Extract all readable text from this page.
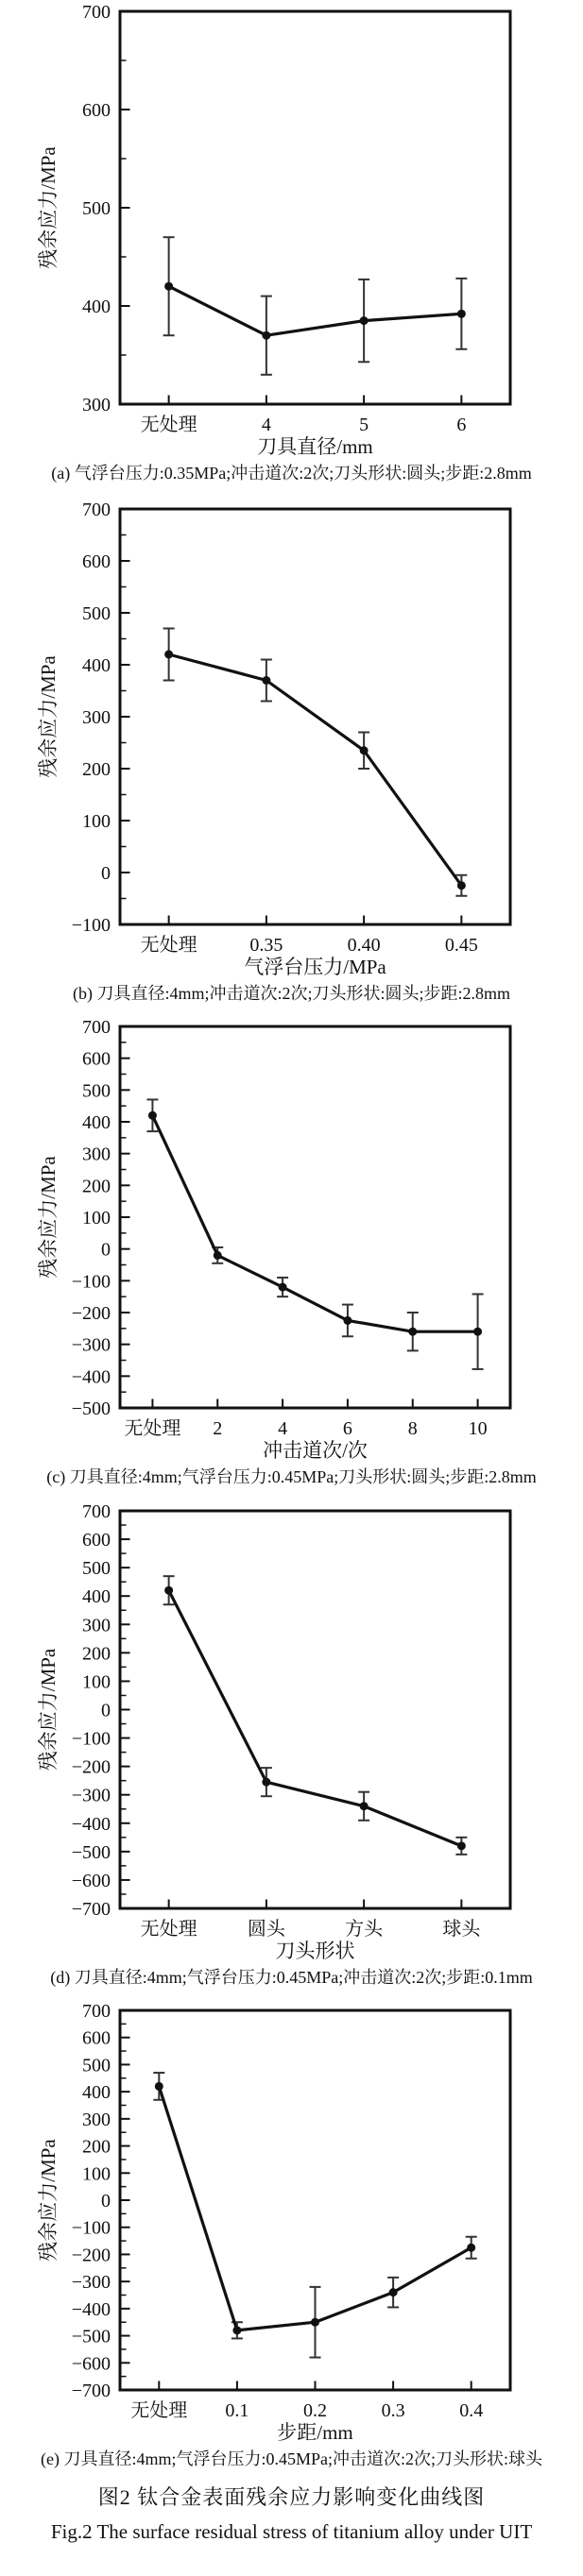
300
400
500
600
700
无处理	4	5	6
刀具直径/mm
残余应力/MPa
(a) 气浮台压力:0.35MPa;冲击道次:2次;刀头形状:圆头;步距:2.8mm
−100
0
100
200
300
400
500
600
700
无处理	0.35	0.40	0.45
气浮台压力/MPa
残余应力/MPa
(b) 刀具直径:4mm;冲击道次:2次;刀头形状:圆头;步距:2.8mm
−500
−400
−300
−200
−100
0
100
200
300
400
500
600
700
无处理 2	4	6	8	10
冲击道次/次
残余应力/MPa
(c) 刀具直径:4mm;气浮台压力:0.45MPa;刀头形状:圆头;步距:2.8mm
−700
−600
−500
−400
−300
−200
−100
0
100
200
300
400
500
600
700
无处理	圆头	方头	球头
刀头形状
残余应力/MPa
(d) 刀具直径:4mm;气浮台压力:0.45MPa;冲击道次:2次;步距:0.1mm
−700
−600
−500
−400
−300
−200
−100
0
100
200
300
400
500
600
700
无处理 0.1	0.2	0.3	0.4
步距/mm
残余应力/MPa
(e) 刀具直径:4mm;气浮台压力:0.45MPa;冲击道次:2次;刀头形状:球头
图2 钛合金表面残余应力影响变化曲线图
Fig.2 The surface residual stress of titanium alloy under UIT
